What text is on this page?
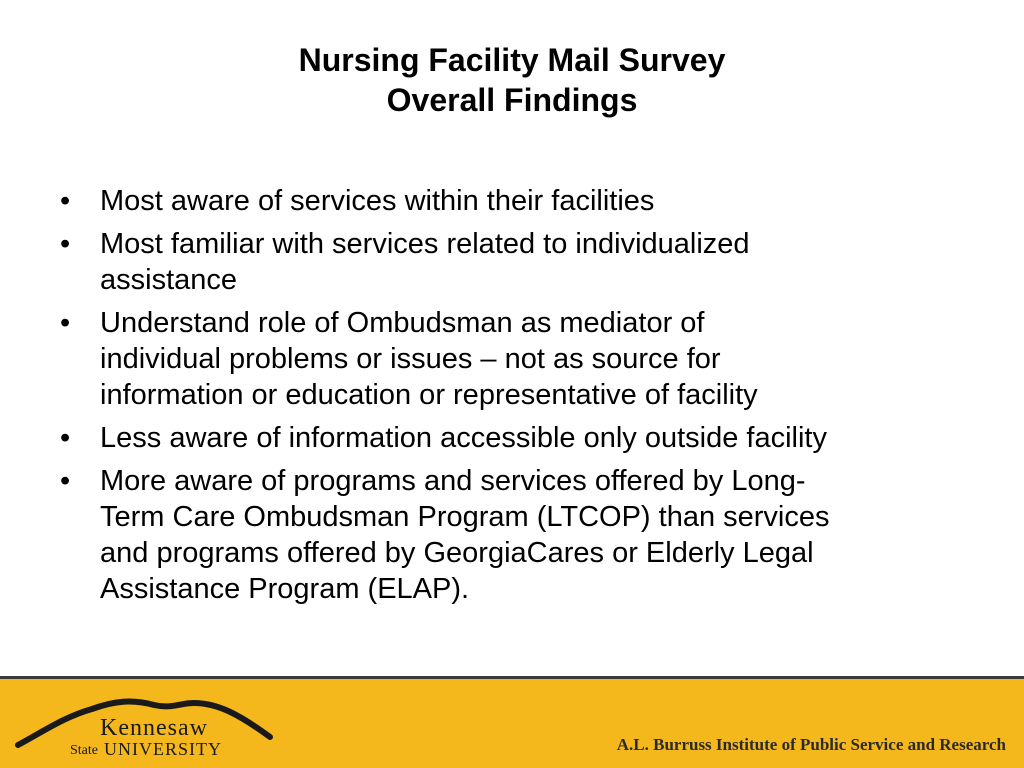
Nursing Facility Mail Survey
Overall Findings
•	Most aware of services within their facilities
•	Most familiar with services related to individualized
assistance
•	Understand role of Ombudsman as mediator of
individual problems or issues – not as source for
information or education or representative of facility
•	Less aware of information accessible only outside facility
•	More aware of programs and services offered by Long-
Term Care Ombudsman Program (LTCOP) than services
and programs offered by GeorgiaCares or Elderly Legal
Assistance Program (ELAP).
Kennesaw
State UNIVERSITY	A.L. Burruss Institute of Public Service and Research
